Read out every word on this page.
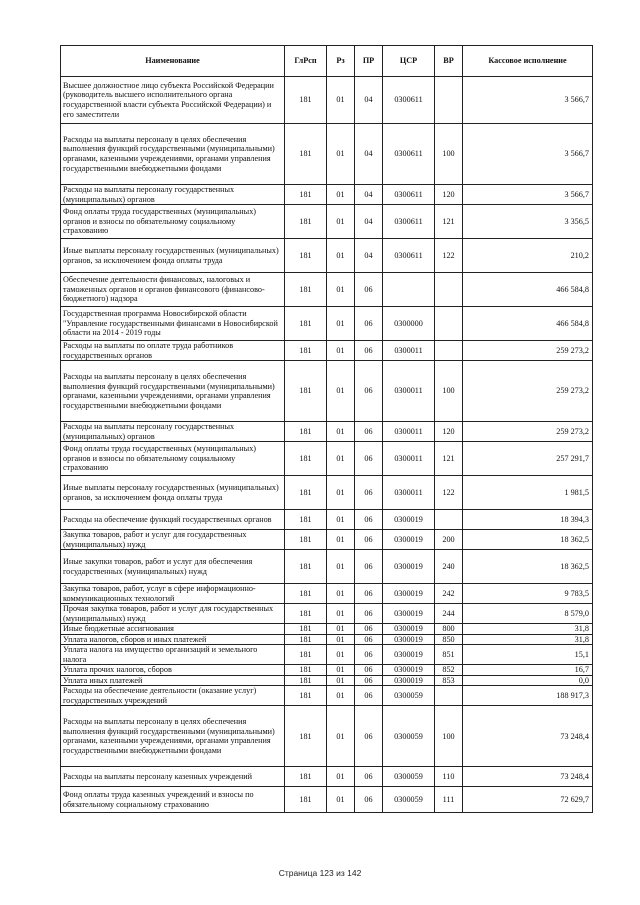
Наименование	ГлРсп	Рз	ПР	ЦСР	ВР	Кассовое исполнение
Высшее должностное лицо субъекта Российской Федерации (руководитель высшего исполнительного органа государственной власти субъекта Российской Федерации) и его заместители	181	01	04	0300611		3 566,7
Расходы на выплаты персоналу в целях обеспечения выполнения функций государственными (муниципальными) органами, казенными учреждениями, органами управления государственными внебюджетными фондами	181	01	04	0300611	100	3 566,7
Расходы на выплаты персоналу государственных (муниципальных) органов	181	01	04	0300611	120	3 566,7
Фонд оплаты труда государственных (муниципальных) органов и взносы по обязательному социальному страхованию	181	01	04	0300611	121	3 356,5
Иные выплаты персоналу государственных (муниципальных) органов, за исключением фонда оплаты труда	181	01	04	0300611	122	210,2
Обеспечение деятельности финансовых, налоговых и таможенных органов и органов финансового (финансово-бюджетного) надзора	181	01	06			466 584,8
Государственная программа Новосибирской области "Управление государственными финансами в Новосибирской области на 2014 - 2019 годы	181	01	06	0300000		466 584,8
Расходы на выплаты по оплате труда работников государственных органов	181	01	06	0300011		259 273,2
Расходы на выплаты персоналу в целях обеспечения выполнения функций государственными (муниципальными) органами, казенными учреждениями, органами управления государственными внебюджетными фондами	181	01	06	0300011	100	259 273,2
Расходы на выплаты персоналу государственных (муниципальных) органов	181	01	06	0300011	120	259 273,2
Фонд оплаты труда государственных (муниципальных) органов и взносы по обязательному социальному страхованию	181	01	06	0300011	121	257 291,7
Иные выплаты персоналу государственных (муниципальных) органов, за исключением фонда оплаты труда	181	01	06	0300011	122	1 981,5
Расходы на обеспечение функций государственных органов	181	01	06	0300019		18 394,3
Закупка товаров, работ и услуг для государственных (муниципальных) нужд	181	01	06	0300019	200	18 362,5
Иные закупки товаров, работ и услуг для обеспечения государственных (муниципальных) нужд	181	01	06	0300019	240	18 362,5
Закупка товаров, работ, услуг в сфере информационно-коммуникационных технологий	181	01	06	0300019	242	9 783,5
Прочая закупка товаров, работ и услуг для государственных (муниципальных) нужд	181	01	06	0300019	244	8 579,0
Иные бюджетные ассигнования	181	01	06	0300019	800	31,8
Уплата налогов, сборов и иных платежей	181	01	06	0300019	850	31,8
Уплата налога на имущество организаций и земельного налога	181	01	06	0300019	851	15,1
Уплата прочих налогов, сборов	181	01	06	0300019	852	16,7
Уплата иных платежей	181	01	06	0300019	853	0,0
Расходы на обеспечение деятельности (оказание услуг) государственных учреждений	181	01	06	0300059		188 917,3
Расходы на выплаты персоналу в целях обеспечения выполнения функций государственными (муниципальными) органами, казенными учреждениями, органами управления государственными внебюджетными фондами	181	01	06	0300059	100	73 248,4
Расходы на выплаты персоналу казенных учреждений	181	01	06	0300059	110	73 248,4
Фонд оплаты труда казенных учреждений и взносы по обязательному социальному страхованию	181	01	06	0300059	111	72 629,7
Страница 123 из 142
